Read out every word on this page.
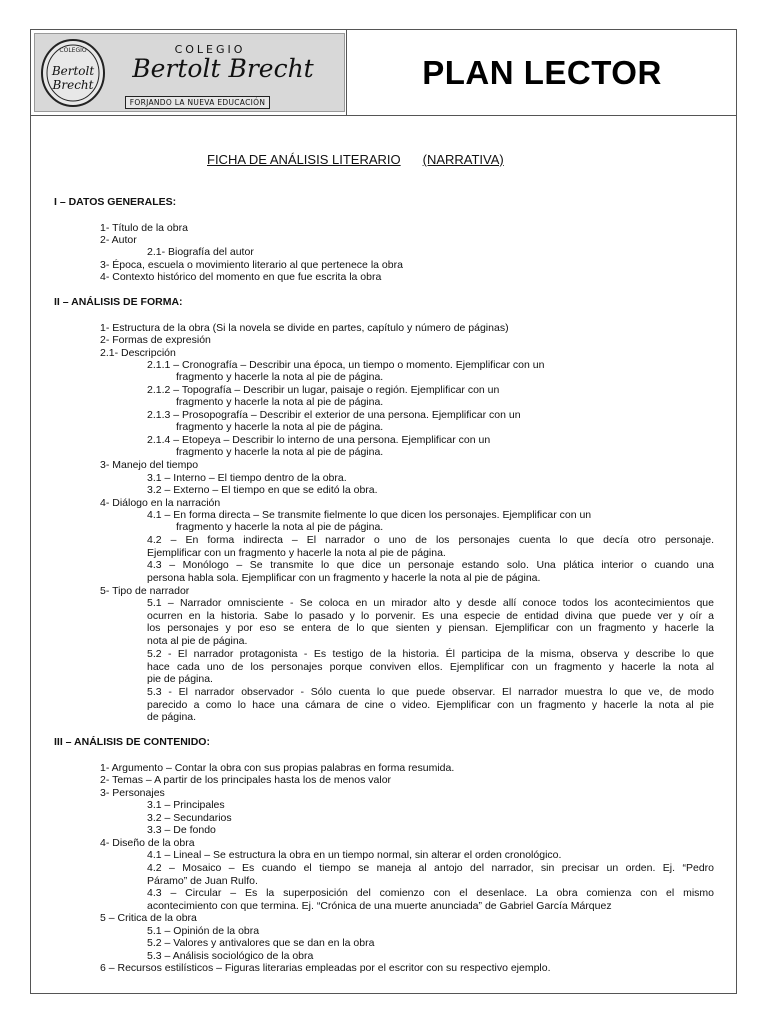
COLEGIO
Bertolt
Brecht
COLEGIO
Bertolt Brecht
FORJANDO LA NUEVA EDUCACIÓN
PLAN LECTOR
FICHA DE ANÁLISIS LITERARIO (NARRATIVA)
I – DATOS GENERALES:
1- Título de la obra
2- Autor
2.1- Biografía del autor
3- Época, escuela o movimiento literario al que pertenece la obra
4- Contexto histórico del momento en que fue escrita la obra
II – ANÁLISIS DE FORMA:
1- Estructura de la obra (Si la novela se divide en partes, capítulo y número de páginas)
2- Formas de expresión
2.1- Descripción
2.1.1 – Cronografía – Describir una época, un tiempo o momento. Ejemplificar con un
fragmento y hacerle la nota al pie de página.
2.1.2 – Topografía – Describir un lugar, paisaje o región. Ejemplificar con un
fragmento y hacerle la nota al pie de página.
2.1.3 – Prosopografía – Describir el exterior de una persona. Ejemplificar con un
fragmento y hacerle la nota al pie de página.
2.1.4 – Etopeya – Describir lo interno de una persona. Ejemplificar con un
fragmento y hacerle la nota al pie de página.
3- Manejo del tiempo
3.1 – Interno – El tiempo dentro de la obra.
3.2 – Externo – El tiempo en que se editó la obra.
4- Diálogo en la narración
4.1 – En forma directa – Se transmite fielmente lo que dicen los personajes. Ejemplificar con un
fragmento y hacerle la nota al pie de página.
4.2 – En forma indirecta – El narrador o uno de los personajes cuenta lo que decía otro personaje.
Ejemplificar con un fragmento y hacerle la nota al pie de página.
4.3 – Monólogo – Se transmite lo que dice un personaje estando solo. Una plática interior o cuando una
persona habla sola. Ejemplificar con un fragmento y hacerle la nota al pie de página.
5- Tipo de narrador
5.1 – Narrador omnisciente - Se coloca en un mirador alto y desde allí conoce todos los acontecimientos que
ocurren en la historia. Sabe lo pasado y lo porvenir. Es una especie de entidad divina que puede ver y oír a
los personajes y por eso se entera de lo que sienten y piensan. Ejemplificar con un fragmento y hacerle la
nota al pie de página.
5.2 - El narrador protagonista - Es testigo de la historia. Él participa de la misma, observa y describe lo que
hace cada uno de los personajes porque conviven ellos. Ejemplificar con un fragmento y hacerle la nota al
pie de página.
5.3 - El narrador observador - Sólo cuenta lo que puede observar. El narrador muestra lo que ve, de modo
parecido a como lo hace una cámara de cine o video. Ejemplificar con un fragmento y hacerle la nota al pie
de página.
III – ANÁLISIS DE CONTENIDO:
1- Argumento – Contar la obra con sus propias palabras en forma resumida.
2- Temas – A partir de los principales hasta los de menos valor
3- Personajes
3.1 – Principales
3.2 – Secundarios
3.3 – De fondo
4- Diseño de la obra
4.1 – Lineal – Se estructura la obra en un tiempo normal, sin alterar el orden cronológico.
4.2 – Mosaico – Es cuando el tiempo se maneja al antojo del narrador, sin precisar un orden. Ej. “Pedro
Páramo” de Juan Rulfo.
4.3 – Circular – Es la superposición del comienzo con el desenlace. La obra comienza con el mismo
acontecimiento con que termina. Ej. “Crónica de una muerte anunciada” de Gabriel García Márquez
5 – Critica de la obra
5.1 – Opinión de la obra
5.2 – Valores y antivalores que se dan en la obra
5.3 – Análisis sociológico de la obra
6 – Recursos estilísticos – Figuras literarias empleadas por el escritor con su respectivo ejemplo.
